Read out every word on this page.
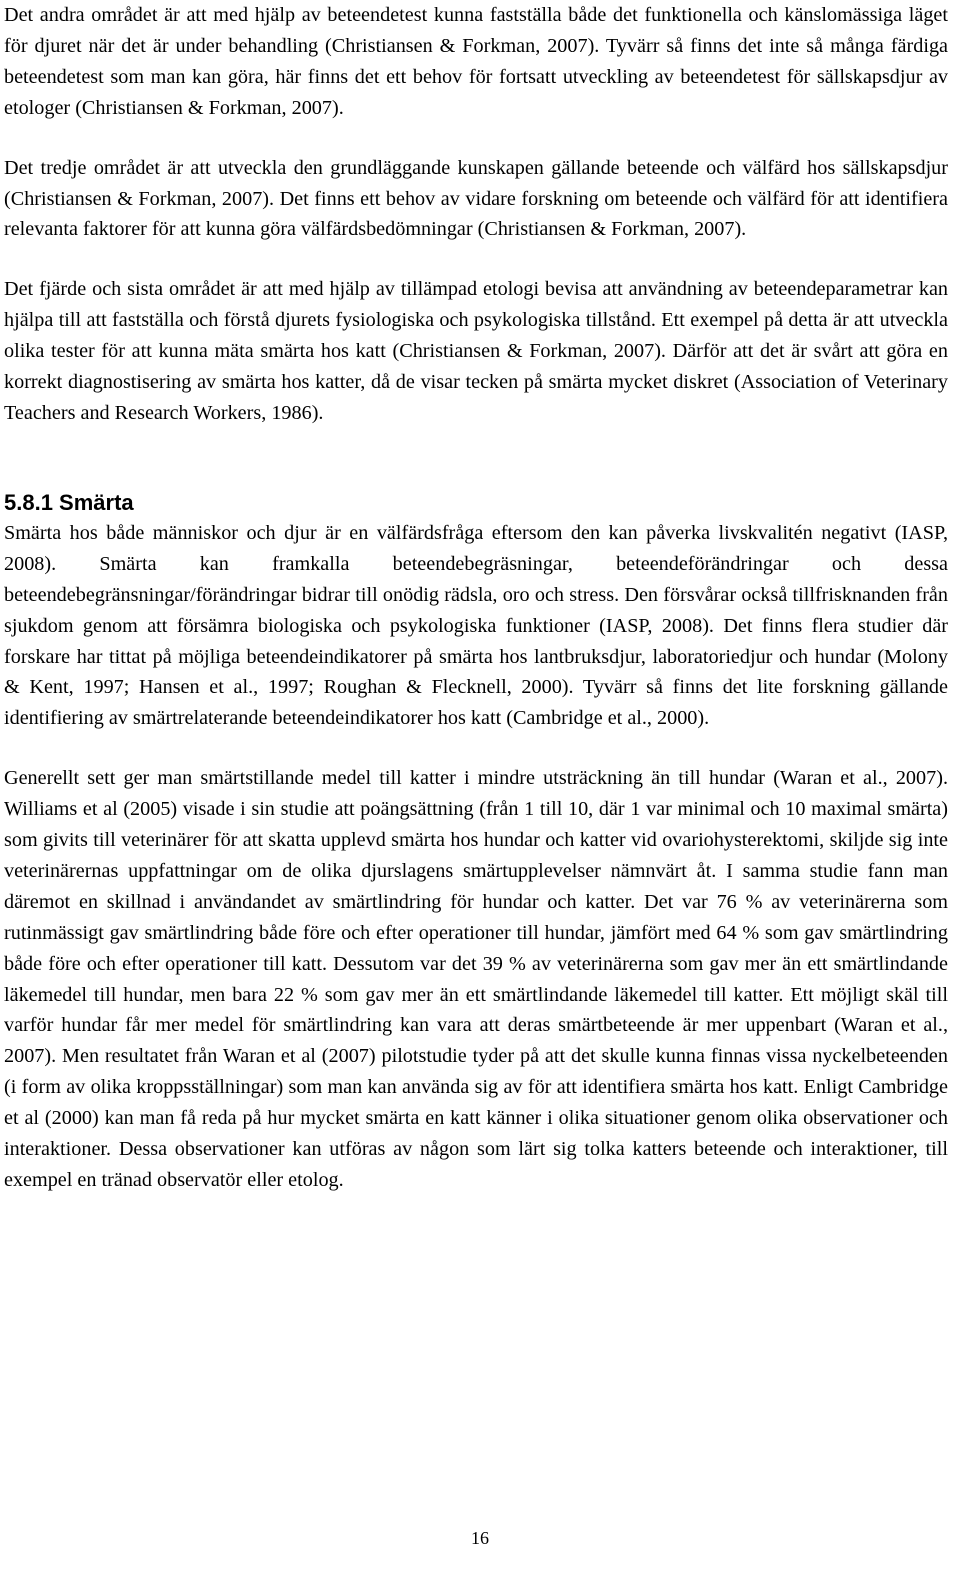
Det andra området är att med hjälp av beteendetest kunna fastställa både det funktionella och känslomässiga läget för djuret när det är under behandling (Christiansen & Forkman, 2007). Tyvärr så finns det inte så många färdiga beteendetest som man kan göra, här finns det ett behov för fortsatt utveckling av beteendetest för sällskapsdjur av etologer (Christiansen & Forkman, 2007).

Det tredje området är att utveckla den grundläggande kunskapen gällande beteende och välfärd hos sällskapsdjur (Christiansen & Forkman, 2007). Det finns ett behov av vidare forskning om beteende och välfärd för att identifiera relevanta faktorer för att kunna göra välfärdsbedömningar (Christiansen & Forkman, 2007).

Det fjärde och sista området är att med hjälp av tillämpad etologi bevisa att användning av beteendeparametrar kan hjälpa till att fastställa och förstå djurets fysiologiska och psykologiska tillstånd. Ett exempel på detta är att utveckla olika tester för att kunna mäta smärta hos katt (Christiansen & Forkman, 2007). Därför att det är svårt att göra en korrekt diagnostisering av smärta hos katter, då de visar tecken på smärta mycket diskret (Association of Veterinary Teachers and Research Workers, 1986).

5.8.1 Smärta

Smärta hos både människor och djur är en välfärdsfråga eftersom den kan påverka livskvalitén negativt (IASP, 2008). Smärta kan framkalla beteendebegräsningar, beteendeförändringar och dessa beteendebegränsningar/förändringar bidrar till onödig rädsla, oro och stress. Den försvårar också tillfrisknanden från sjukdom genom att försämra biologiska och psykologiska funktioner (IASP, 2008). Det finns flera studier där forskare har tittat på möjliga beteendeindikatorer på smärta hos lantbruksdjur, laboratoriedjur och hundar (Molony & Kent, 1997; Hansen et al., 1997; Roughan & Flecknell, 2000). Tyvärr så finns det lite forskning gällande identifiering av smärtrelaterande beteendeindikatorer hos katt (Cambridge et al., 2000).

Generellt sett ger man smärtstillande medel till katter i mindre utsträckning än till hundar (Waran et al., 2007). Williams et al (2005) visade i sin studie att poängsättning (från 1 till 10, där 1 var minimal och 10 maximal smärta) som givits till veterinärer för att skatta upplevd smärta hos hundar och katter vid ovariohysterektomi, skiljde sig inte veterinärernas uppfattningar om de olika djurslagens smärtupplevelser nämnvärt åt. I samma studie fann man däremot en skillnad i användandet av smärtlindring för hundar och katter. Det var 76 % av veterinärerna som rutinmässigt gav smärtlindring både före och efter operationer till hundar, jämfört med 64 % som gav smärtlindring både före och efter operationer till katt. Dessutom var det 39 % av veterinärerna som gav mer än ett smärtlindande läkemedel till hundar, men bara 22 % som gav mer än ett smärtlindande läkemedel till katter. Ett möjligt skäl till varför hundar får mer medel för smärtlindring kan vara att deras smärtbeteende är mer uppenbart (Waran et al., 2007). Men resultatet från Waran et al (2007) pilotstudie tyder på att det skulle kunna finnas vissa nyckelbeteenden (i form av olika kroppsställningar) som man kan använda sig av för att identifiera smärta hos katt. Enligt Cambridge et al (2000) kan man få reda på hur mycket smärta en katt känner i olika situationer genom olika observationer och interaktioner. Dessa observationer kan utföras av någon som lärt sig tolka katters beteende och interaktioner, till exempel en tränad observatör eller etolog.

16
